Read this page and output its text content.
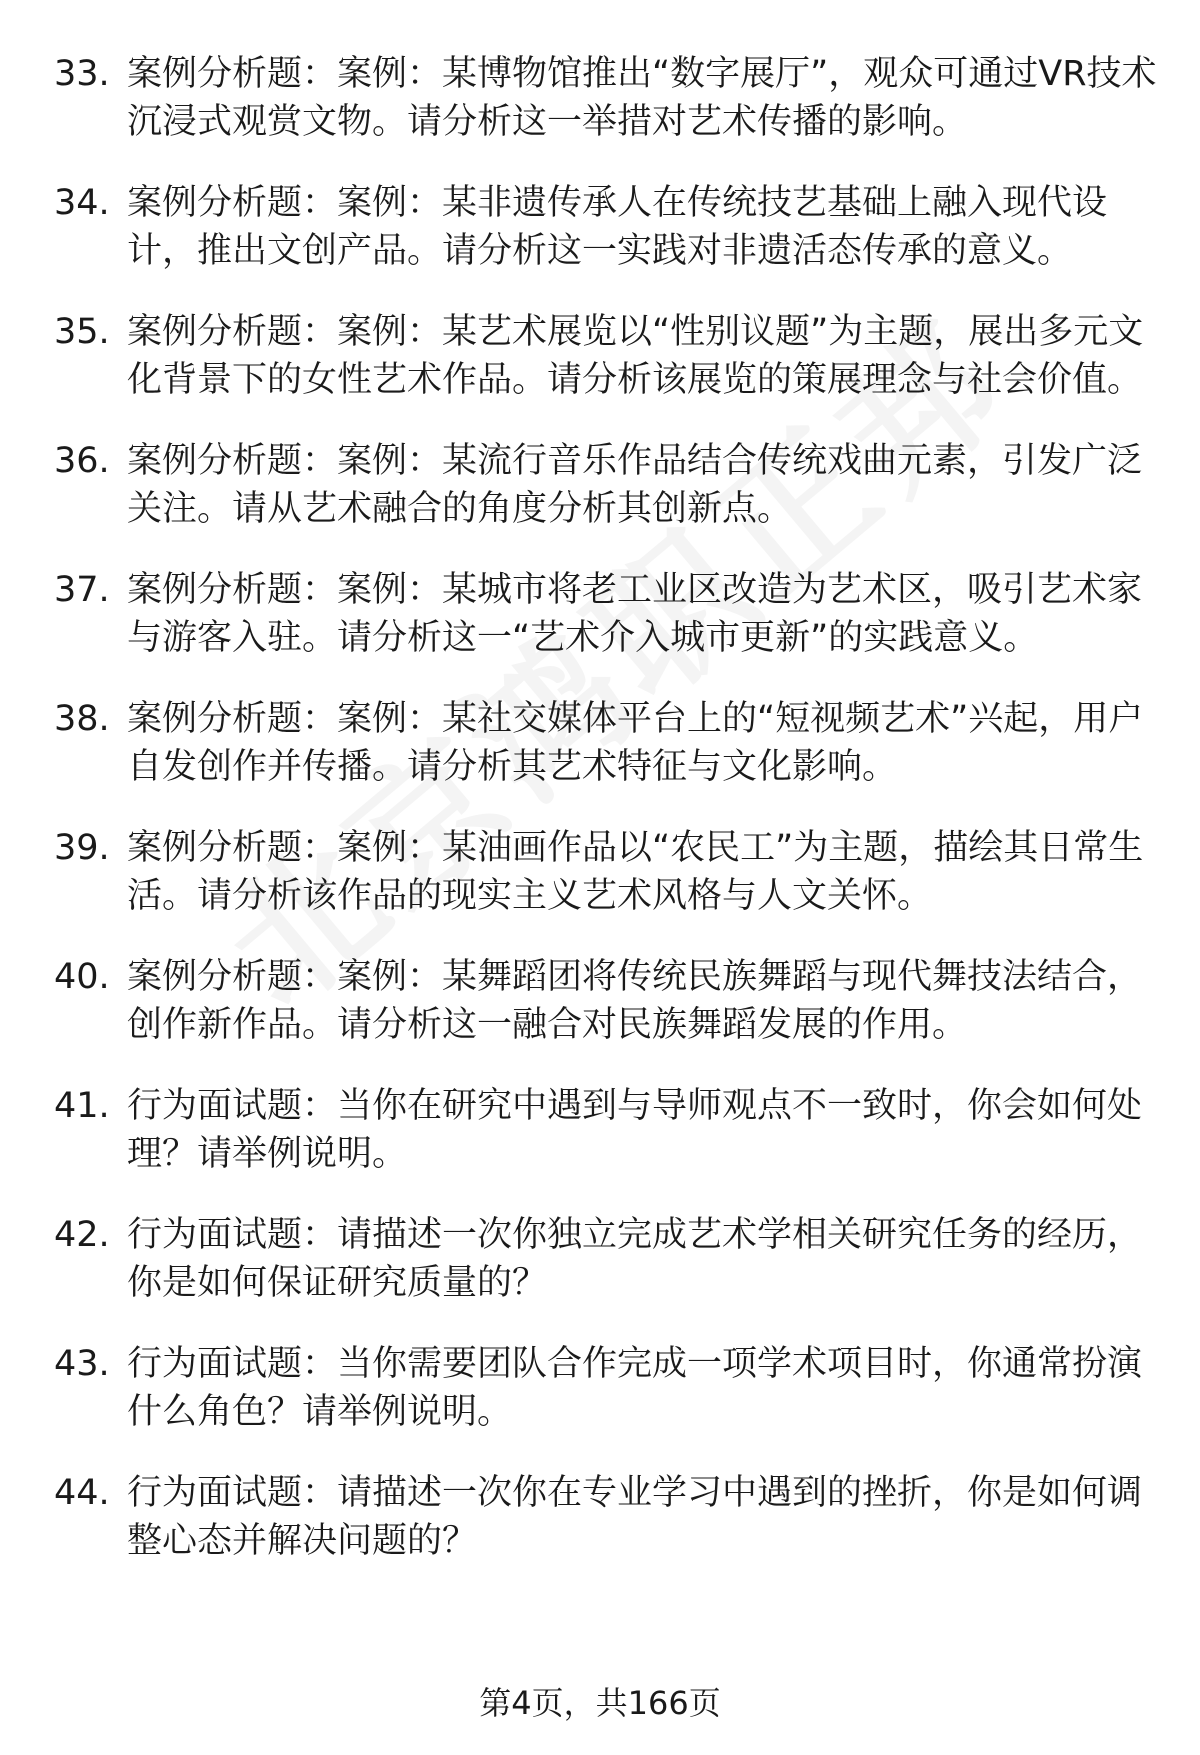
33. 案例分析题：案例：某博物馆推出“数字展厅”，观众可通过VR技术沉浸式观赏文物。请分析这一举措对艺术传播的影响。
34. 案例分析题：案例：某非遗传承人在传统技艺基础上融入现代设计，推出文创产品。请分析这一实践对非遗活态传承的意义。
35. 案例分析题：案例：某艺术展览以“性别议题”为主题，展出多元文化背景下的女性艺术作品。请分析该展览的策展理念与社会价值。
36. 案例分析题：案例：某流行音乐作品结合传统戏曲元素，引发广泛关注。请从艺术融合的角度分析其创新点。
37. 案例分析题：案例：某城市将老工业区改造为艺术区，吸引艺术家与游客入驻。请分析这一“艺术介入城市更新”的实践意义。
38. 案例分析题：案例：某社交媒体平台上的“短视频艺术”兴起，用户自发创作并传播。请分析其艺术特征与文化影响。
39. 案例分析题：案例：某油画作品以“农民工”为主题，描绘其日常生活。请分析该作品的现实主义艺术风格与人文关怀。
40. 案例分析题：案例：某舞蹈团将传统民族舞蹈与现代舞技法结合，创作新作品。请分析这一融合对民族舞蹈发展的作用。
41. 行为面试题：当你在研究中遇到与导师观点不一致时，你会如何处理？请举例说明。
42. 行为面试题：请描述一次你独立完成艺术学相关研究任务的经历，你是如何保证研究质量的？
43. 行为面试题：当你需要团队合作完成一项学术项目时，你通常扮演什么角色？请举例说明。
44. 行为面试题：请描述一次你在专业学习中遇到的挫折，你是如何调整心态并解决问题的？
第4页，共166页
